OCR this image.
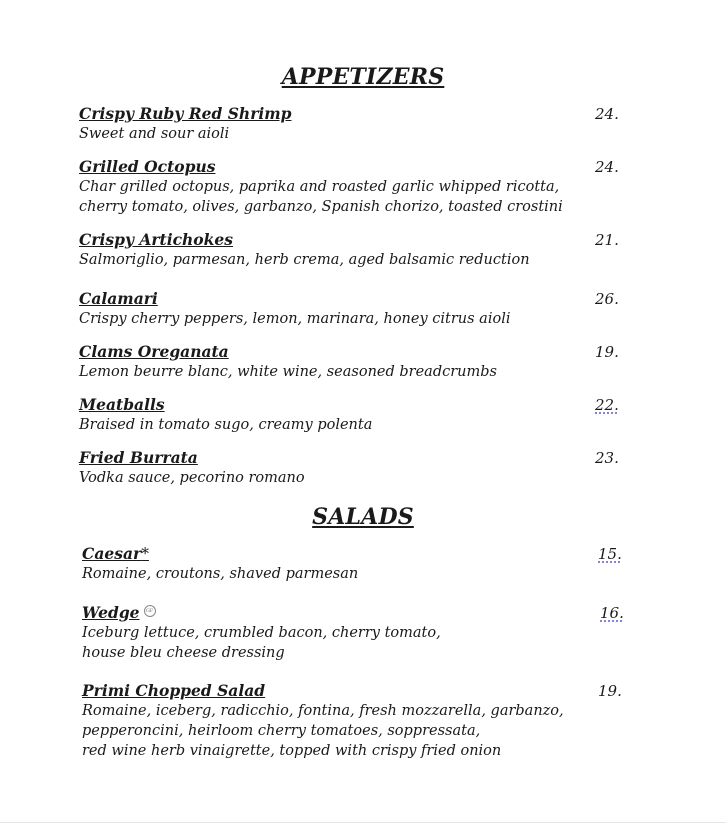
APPETIZERS
Crispy Ruby Red Shrimp
Sweet and sour aioli
24.
Grilled Octopus
Char grilled octopus, paprika and roasted garlic whipped ricotta,
cherry tomato, olives, garbanzo, Spanish chorizo, toasted crostini
24.
Crispy Artichokes
Salmoriglio, parmesan, herb crema, aged balsamic reduction
21.
Calamari
Crispy cherry peppers, lemon, marinara, honey citrus aioli
26.
Clams Oreganata
Lemon beurre blanc, white wine, seasoned breadcrumbs
19.
Meatballs
Braised in tomato sugo, creamy polenta
22.
Fried Burrata
Vodka sauce, pecorino romano
23.
SALADS
Caesar*
Romaine, croutons, shaved parmesan
15.
Wedge GF
Iceburg lettuce, crumbled bacon, cherry tomato,
house bleu cheese dressing
16.
Primi Chopped Salad
Romaine, iceberg, radicchio, fontina, fresh mozzarella, garbanzo,
pepperoncini, heirloom cherry tomatoes, soppressata,
red wine herb vinaigrette, topped with crispy fried onion
19.
